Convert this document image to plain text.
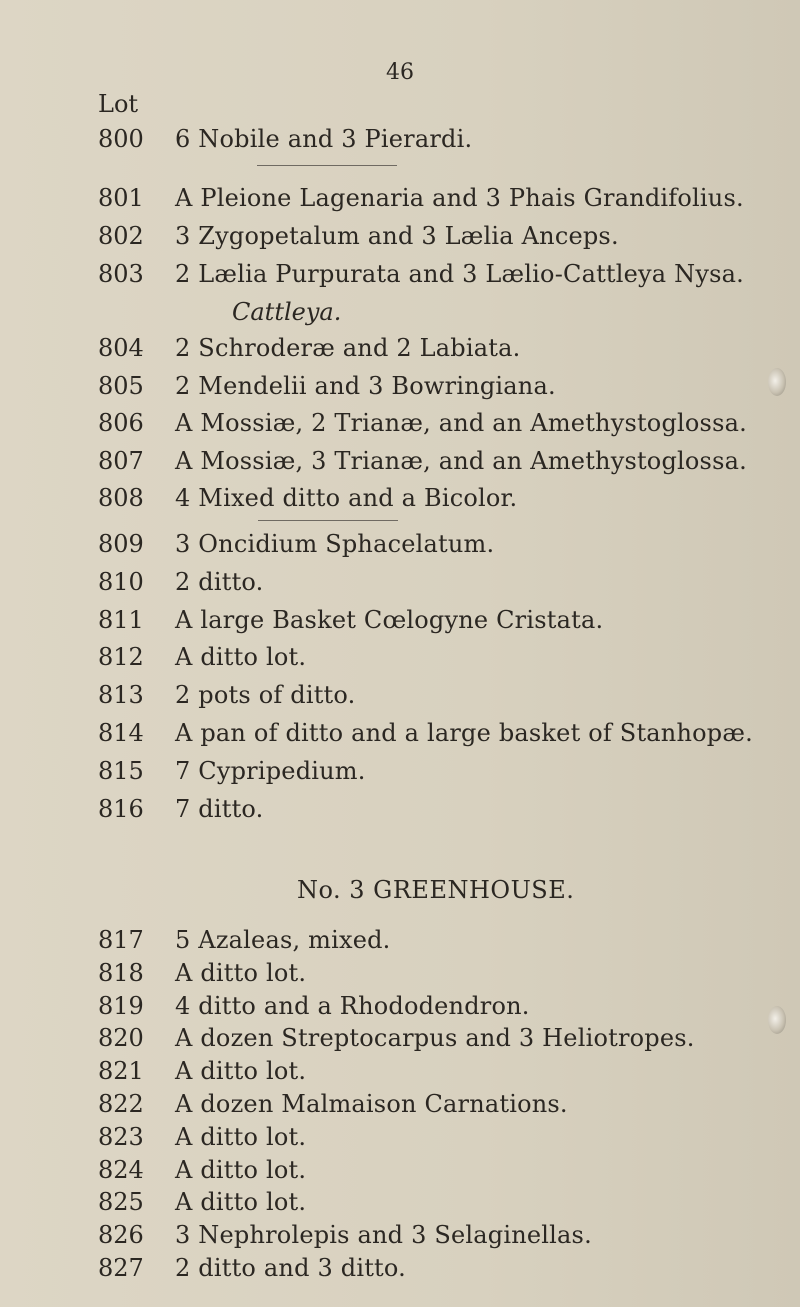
46
Lot
800 6 Nobile and 3 Pierardi.
801 A Pleione Lagenaria and 3 Phais Grandifolius.
802 3 Zygopetalum and 3 Lælia Anceps.
803 2 Lælia Purpurata and 3 Lælio-Cattleya Nysa.
Cattleya.
804 2 Schroderæ and 2 Labiata.
805 2 Mendelii and 3 Bowringiana.
806 A Mossiæ, 2 Trianæ, and an Amethystoglossa.
807 A Mossiæ, 3 Trianæ, and an Amethystoglossa.
808 4 Mixed ditto and a Bicolor.
809 3 Oncidium Sphacelatum.
810 2 ditto.
811 A large Basket Cœlogyne Cristata.
812 A ditto lot.
813 2 pots of ditto.
814 A pan of ditto and a large basket of Stanhopæ.
815 7 Cypripedium.
816 7 ditto.
No. 3 GREENHOUSE.
817 5 Azaleas, mixed.
818 A ditto lot.
819 4 ditto and a Rhododendron.
820 A dozen Streptocarpus and 3 Heliotropes.
821 A ditto lot.
822 A dozen Malmaison Carnations.
823 A ditto lot.
824 A ditto lot.
825 A ditto lot.
826 3 Nephrolepis and 3 Selaginellas.
827 2 ditto and 3 ditto.
